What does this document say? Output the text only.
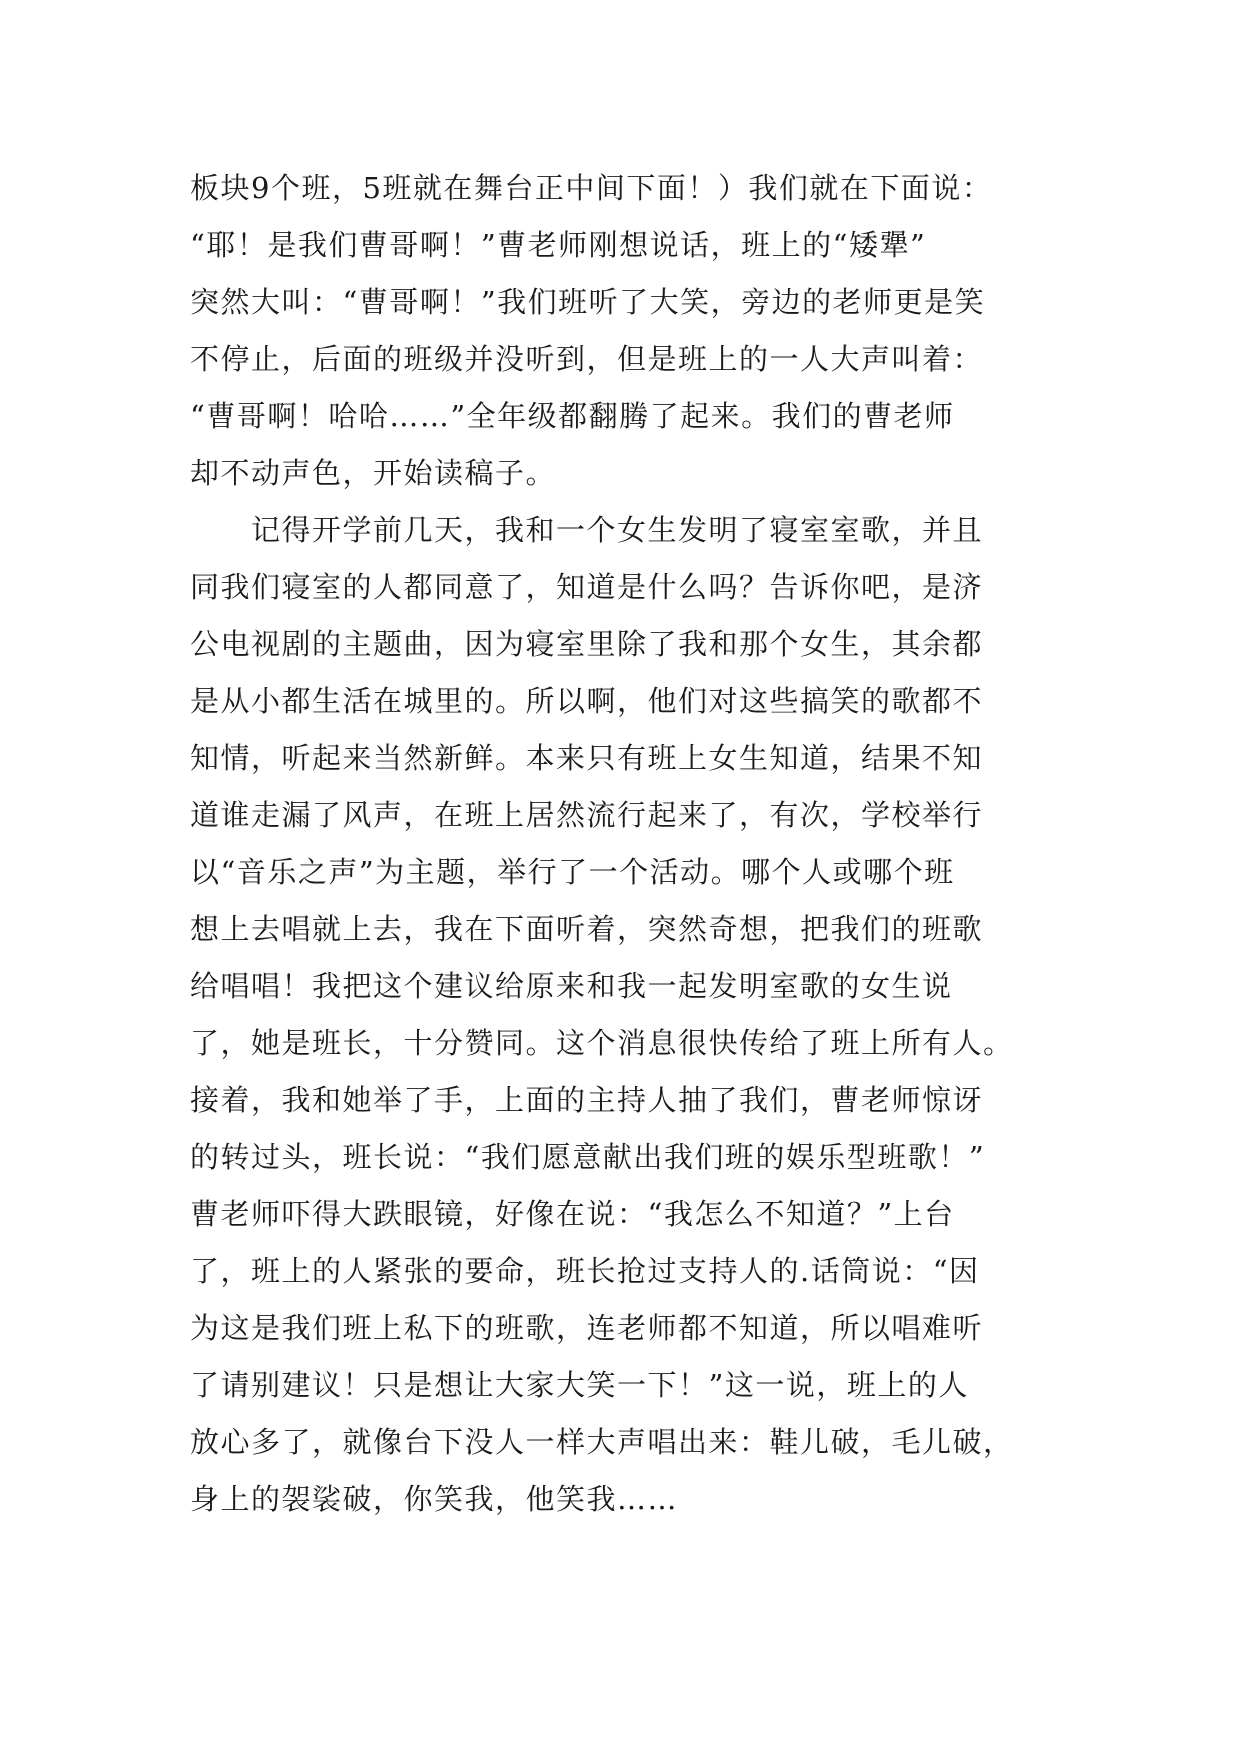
板块9个班，5班就在舞台正中间下面！）我们就在下面说：
“耶！是我们曹哥啊！”曹老师刚想说话，班上的“矮犟”
突然大叫：“曹哥啊！”我们班听了大笑，旁边的老师更是笑
不停止，后面的班级并没听到，但是班上的一人大声叫着：
“曹哥啊！哈哈……”全年级都翻腾了起来。我们的曹老师
却不动声色，开始读稿子。
　　记得开学前几天，我和一个女生发明了寝室室歌，并且
同我们寝室的人都同意了，知道是什么吗？告诉你吧，是济
公电视剧的主题曲，因为寝室里除了我和那个女生，其余都
是从小都生活在城里的。所以啊，他们对这些搞笑的歌都不
知情，听起来当然新鲜。本来只有班上女生知道，结果不知
道谁走漏了风声，在班上居然流行起来了，有次，学校举行
以“音乐之声”为主题，举行了一个活动。哪个人或哪个班
想上去唱就上去，我在下面听着，突然奇想，把我们的班歌
给唱唱！我把这个建议给原来和我一起发明室歌的女生说
了，她是班长，十分赞同。这个消息很快传给了班上所有人。
接着，我和她举了手，上面的主持人抽了我们，曹老师惊讶
的转过头，班长说：“我们愿意献出我们班的娱乐型班歌！”
曹老师吓得大跌眼镜，好像在说：“我怎么不知道？”上台
了，班上的人紧张的要命，班长抢过支持人的.话筒说：“因
为这是我们班上私下的班歌，连老师都不知道，所以唱难听
了请别建议！只是想让大家大笑一下！”这一说，班上的人
放心多了，就像台下没人一样大声唱出来：鞋儿破，毛儿破，
身上的袈裟破，你笑我，他笑我……
